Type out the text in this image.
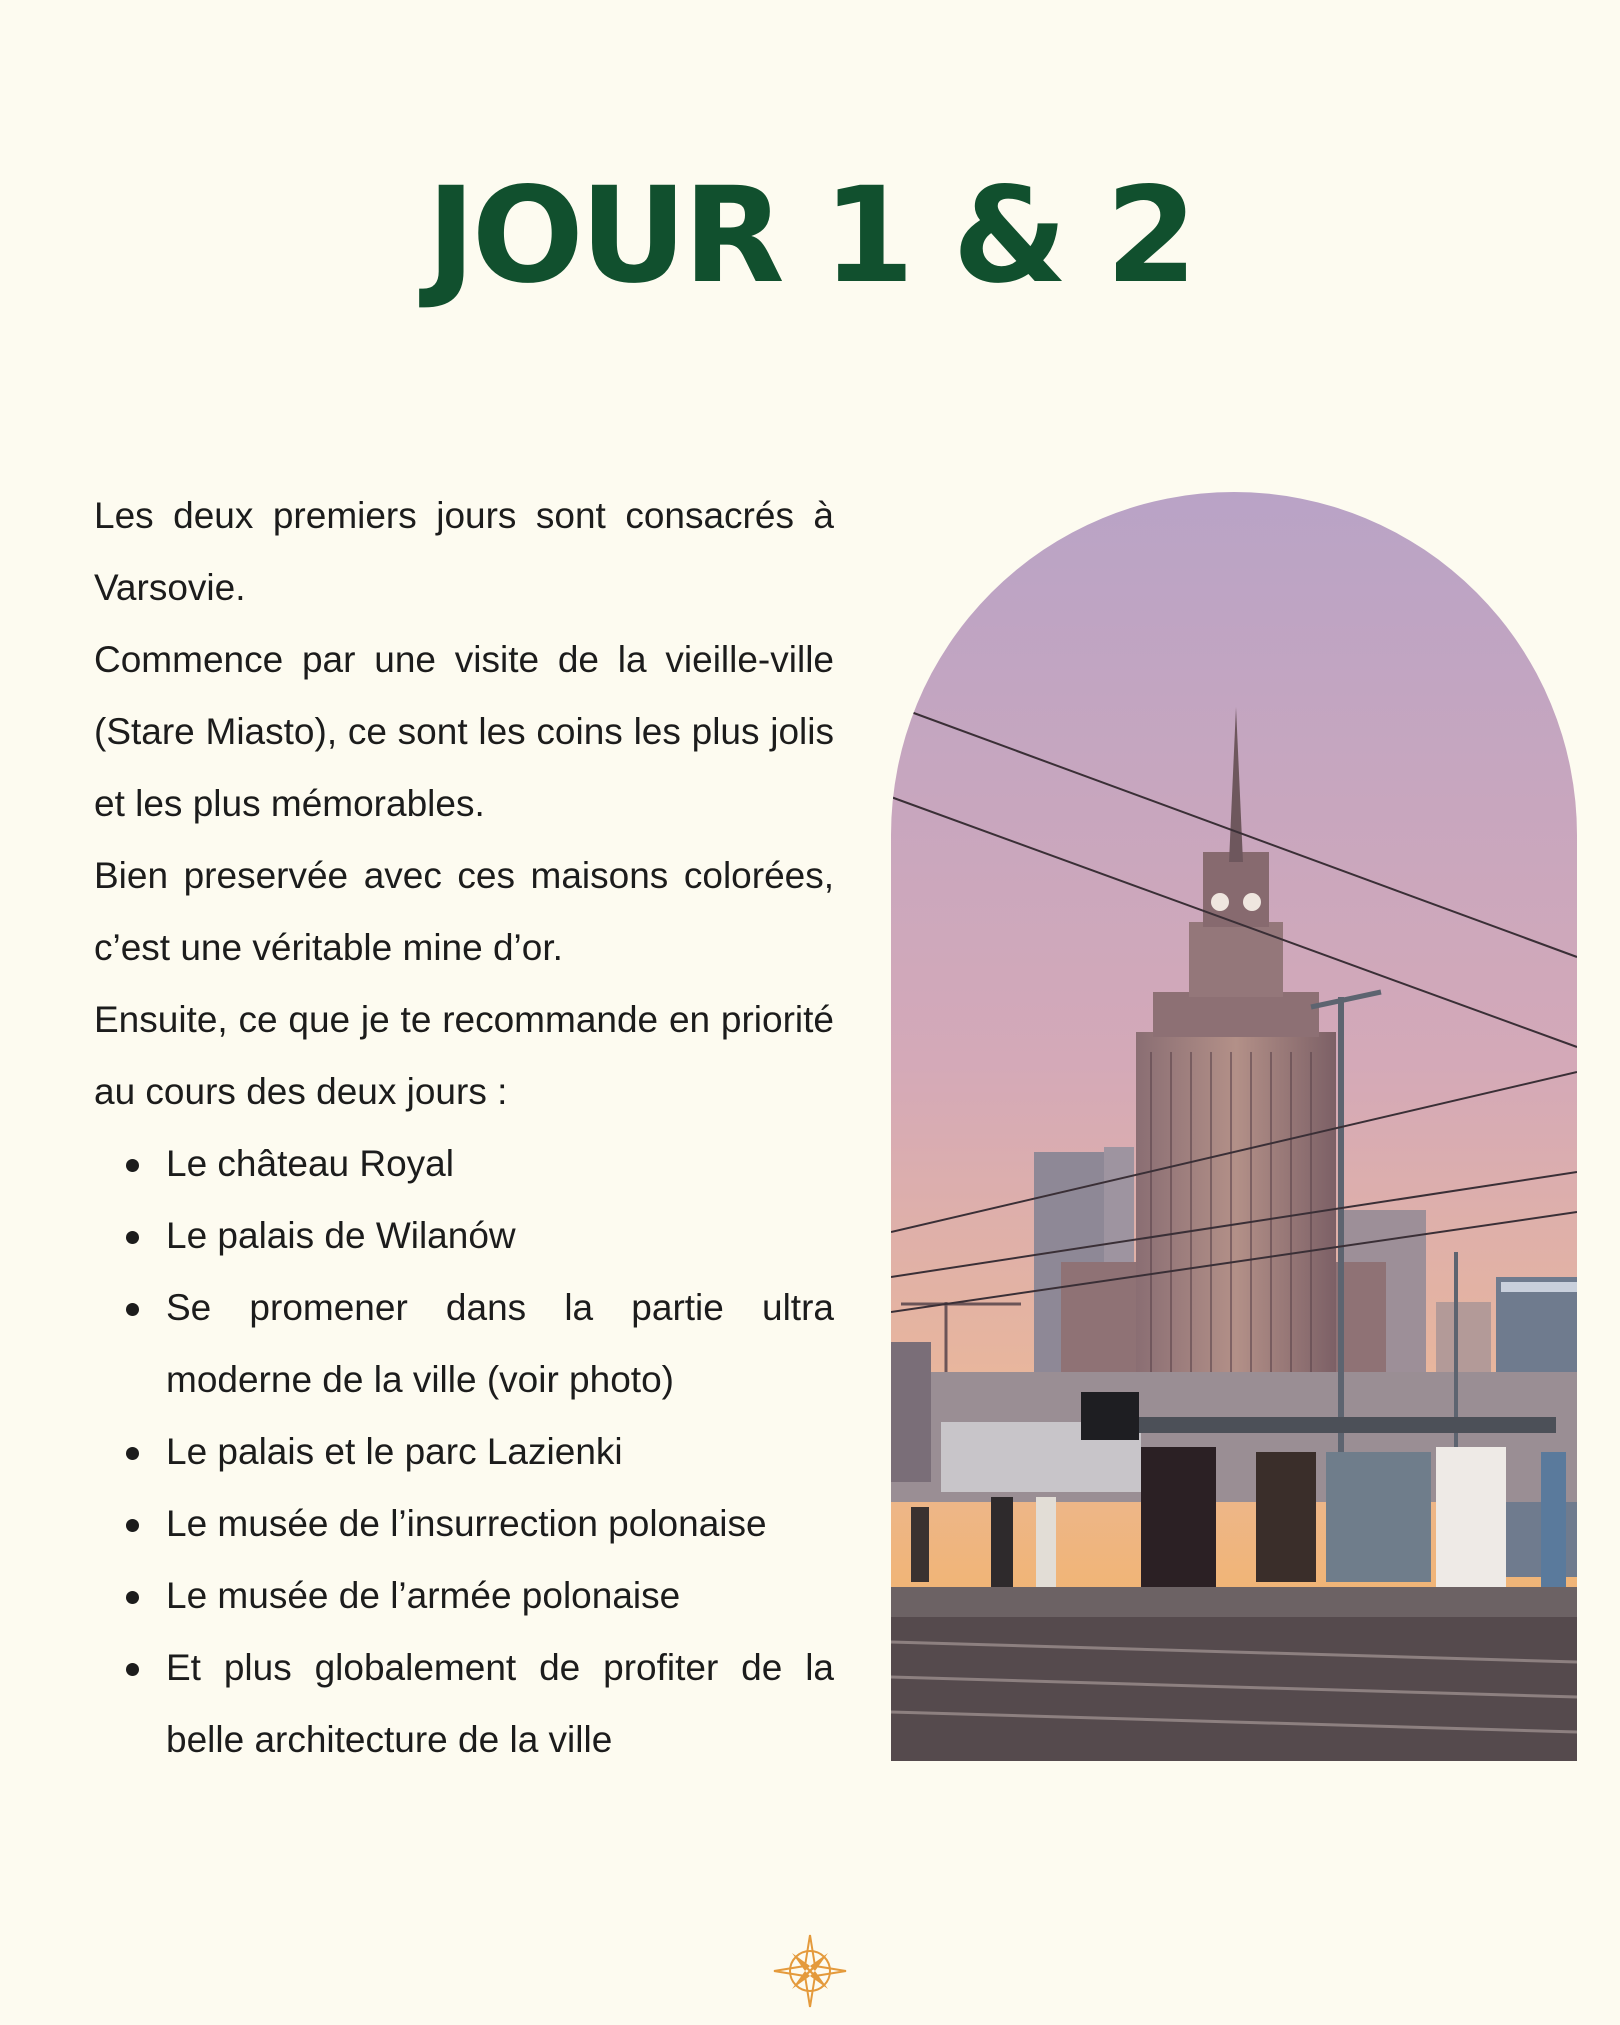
JOUR 1 & 2

Les deux premiers jours sont consacrés à Varsovie.

Commence par une visite de la vieille-ville (Stare Miasto), ce sont les coins les plus jolis et les plus mémorables.

Bien preservée avec ces maisons colorées, c’est une véritable mine d’or.

Ensuite, ce que je te recommande en priorité au cours des deux jours :

Le château Royal
Le palais de Wilanów
Se promener dans la partie ultra moderne de la ville (voir photo)
Le palais et le parc Lazienki
Le musée de l’insurrection polonaise
Le musée de l’armée polonaise
Et plus globalement de profiter de la belle architecture de la ville
